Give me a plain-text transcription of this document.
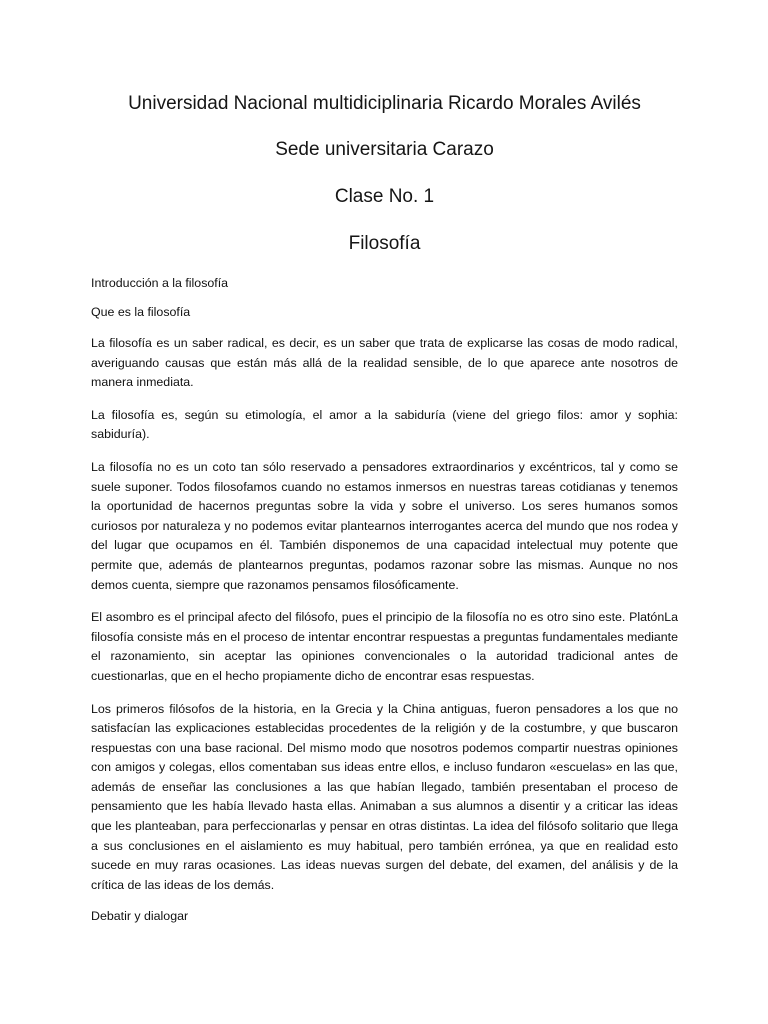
Universidad Nacional multidiciplinaria Ricardo Morales Avilés
Sede universitaria Carazo
Clase No. 1
Filosofía
Introducción a la filosofía
Que es la filosofía

La filosofía es un saber radical, es decir, es un saber que trata de explicarse las cosas de modo radical, averiguando causas que están más allá de la realidad sensible, de lo que aparece ante nosotros de manera inmediata.

La filosofía es, según su etimología, el amor a la sabiduría (viene del griego filos: amor y sophia: sabiduría).

La filosofía no es un coto tan sólo reservado a pensadores extraordinarios y excéntricos, tal y como se suele suponer. Todos filosofamos cuando no estamos inmersos en nuestras tareas cotidianas y tenemos la oportunidad de hacernos preguntas sobre la vida y sobre el universo. Los seres humanos somos curiosos por naturaleza y no podemos evitar plantearnos interrogantes acerca del mundo que nos rodea y del lugar que ocupamos en él. También disponemos de una capacidad intelectual muy potente que permite que, además de plantearnos preguntas, podamos razonar sobre las mismas. Aunque no nos demos cuenta, siempre que razonamos pensamos filosóficamente.

El asombro es el principal afecto del filósofo, pues el principio de la filosofía no es otro sino este. PlatónLa filosofía consiste más en el proceso de intentar encontrar respuestas a preguntas fundamentales mediante el razonamiento, sin aceptar las opiniones convencionales o la autoridad tradicional antes de cuestionarlas, que en el hecho propiamente dicho de encontrar esas respuestas.

Los primeros filósofos de la historia, en la Grecia y la China antiguas, fueron pensadores a los que no satisfacían las explicaciones establecidas procedentes de la religión y de la costumbre, y que buscaron respuestas con una base racional. Del mismo modo que nosotros podemos compartir nuestras opiniones con amigos y colegas, ellos comentaban sus ideas entre ellos, e incluso fundaron «escuelas» en las que, además de enseñar las conclusiones a las que habían llegado, también presentaban el proceso de pensamiento que les había llevado hasta ellas. Animaban a sus alumnos a disentir y a criticar las ideas que les planteaban, para perfeccionarlas y pensar en otras distintas. La idea del filósofo solitario que llega a sus conclusiones en el aislamiento es muy habitual, pero también errónea, ya que en realidad esto sucede en muy raras ocasiones. Las ideas nuevas surgen del debate, del examen, del análisis y de la crítica de las ideas de los demás.

Debatir y dialogar
